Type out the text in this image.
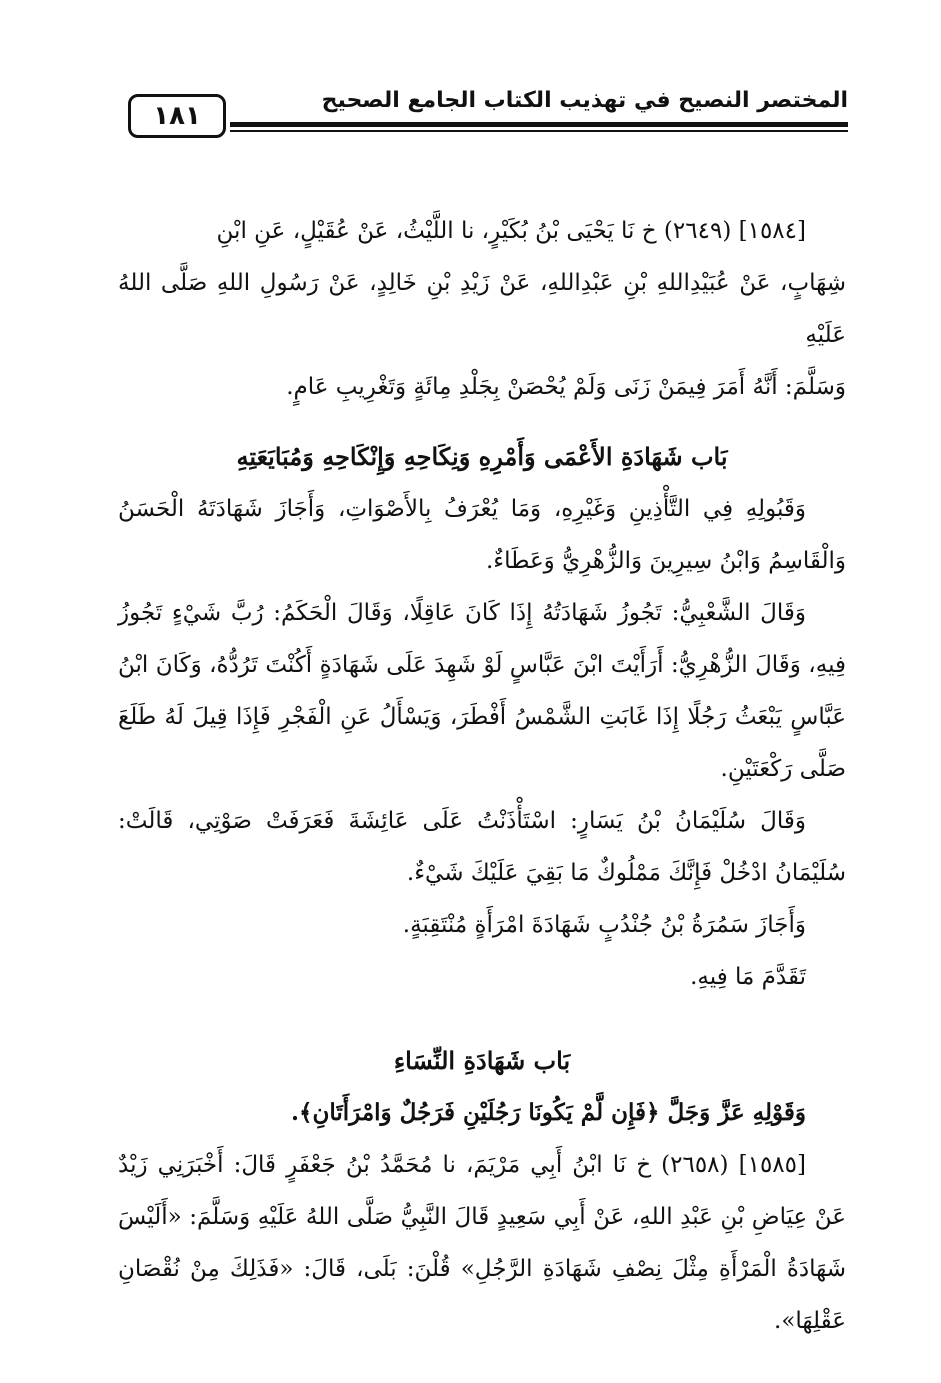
المختصر النصيح في تهذيب الكتاب الجامع الصحيح
١٨١

[١٥٨٤] (٢٦٤٩) خ نَا يَحْيَى بْنُ بُكَيْرٍ، نا اللَّيْثُ، عَنْ عُقَيْلٍ، عَنِ ابْنِ

شِهَابٍ، عَنْ عُبَيْدِاللهِ بْنِ عَبْدِاللهِ، عَنْ زَيْدِ بْنِ خَالِدٍ، عَنْ رَسُولِ اللهِ صَلَّى اللهُ عَلَيْهِ

وَسَلَّمَ: أَنَّهُ أَمَرَ فِيمَنْ زَنَى وَلَمْ يُحْصَنْ بِجَلْدِ مِائَةٍ وَتَغْرِيبِ عَامٍ.

بَاب شَهَادَةِ الأَعْمَى وَأَمْرِهِ وَنِكَاحِهِ وَإِنْكَاحِهِ وَمُبَايَعَتِهِ

وَقَبُولِهِ فِي التَّأْذِينِ وَغَيْرِهِ، وَمَا يُعْرَفُ بِالأَصْوَاتِ، وَأَجَازَ شَهَادَتَهُ الْحَسَنُ وَالْقَاسِمُ وَابْنُ سِيرِينَ وَالزُّهْرِيُّ وَعَطَاءٌ.

وَقَالَ الشَّعْبِيُّ: تَجُوزُ شَهَادَتُهُ إِذَا كَانَ عَاقِلًا، وَقَالَ الْحَكَمُ: رُبَّ شَيْءٍ تَجُوزُ فِيهِ، وَقَالَ الزُّهْرِيُّ: أَرَأَيْتَ ابْنَ عَبَّاسٍ لَوْ شَهِدَ عَلَى شَهَادَةٍ أَكُنْتَ تَرُدُّهُ، وَكَانَ ابْنُ عَبَّاسٍ يَبْعَثُ رَجُلًا إِذَا غَابَتِ الشَّمْسُ أَفْطَرَ، وَيَسْأَلُ عَنِ الْفَجْرِ فَإِذَا قِيلَ لَهُ طَلَعَ صَلَّى رَكْعَتَيْنِ.

وَقَالَ سُلَيْمَانُ بْنُ يَسَارٍ: اسْتَأْذَنْتُ عَلَى عَائِشَةَ فَعَرَفَتْ صَوْتِي، قَالَتْ: سُلَيْمَانُ ادْخُلْ فَإِنَّكَ مَمْلُوكٌ مَا بَقِيَ عَلَيْكَ شَيْءٌ.

وَأَجَازَ سَمُرَةُ بْنُ جُنْدُبٍ شَهَادَةَ امْرَأَةٍ مُنْتَقِبَةٍ.

تَقَدَّمَ مَا فِيهِ.

بَاب شَهَادَةِ النِّسَاءِ

وَقَوْلِهِ عَزَّ وَجَلَّ ﴿فَإِن لَّمْ يَكُونَا رَجُلَيْنِ فَرَجُلٌ وَامْرَأَتَانِ﴾.

[١٥٨٥] (٢٦٥٨) خ نَا ابْنُ أَبِي مَرْيَمَ، نا مُحَمَّدُ بْنُ جَعْفَرٍ قَالَ: أَخْبَرَنِي زَيْدٌ عَنْ عِيَاضِ بْنِ عَبْدِ اللهِ، عَنْ أَبِي سَعِيدٍ قَالَ النَّبِيُّ صَلَّى اللهُ عَلَيْهِ وَسَلَّمَ: «أَلَيْسَ شَهَادَةُ الْمَرْأَةِ مِثْلَ نِصْفِ شَهَادَةِ الرَّجُلِ» قُلْنَ: بَلَى، قَالَ: «فَذَلِكَ مِنْ نُقْصَانِ عَقْلِهَا».
